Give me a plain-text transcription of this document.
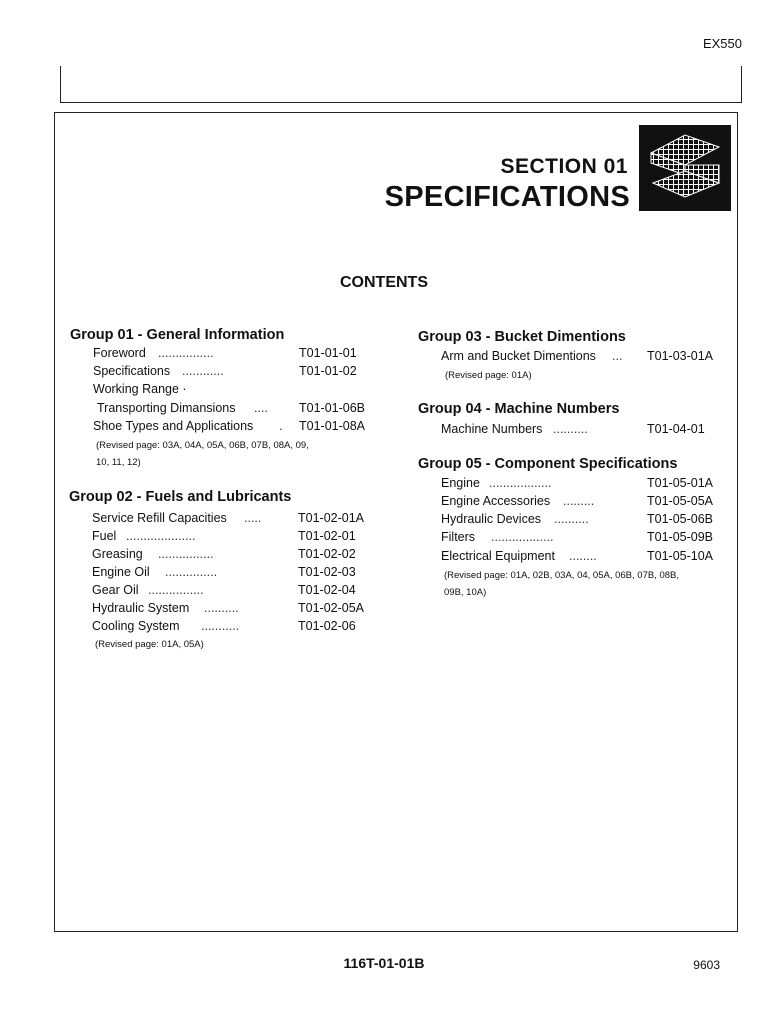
EX550
SECTION 01
SPECIFICATIONS
CONTENTS
Group 01 - General Information
Foreword ................	T01-01-01
Specifications ............	T01-01-02
Working Range ·
Transporting Dimansions .... T01-01-06B
Shoe Types and Applications . T01-01-08A
(Revised page: 03A, 04A, 05A, 06B, 07B, 08A, 09,
10, 11, 12)
Group 02 - Fuels and Lubricants
Service Refill Capacities .....	T01-02-01A
Fuel ....................	T01-02-01
Greasing ................	T01-02-02
Engine Oil ...............	T01-02-03
Gear Oil ................	T01-02-04
Hydraulic System ..........	T01-02-05A
Cooling System ...........	T01-02-06
(Revised page: 01A, 05A)
Group 03 - Bucket Dimentions
Arm and Bucket Dimentions ... T01-03-01A
(Revised page: 01A)
Group 04 - Machine Numbers
Machine Numbers ..........	T01-04-01
Group 05 - Component Specifications
Engine ..................	T01-05-01A
Engine Accessories .........	T01-05-05A
Hydraulic Devices ..........	T01-05-06B
Filters ..................	T01-05-09B
Electrical Equipment ........	T01-05-10A
(Revised page: 01A, 02B, 03A, 04, 05A, 06B, 07B, 08B,
09B, 10A)
116T-01-01B	9603
